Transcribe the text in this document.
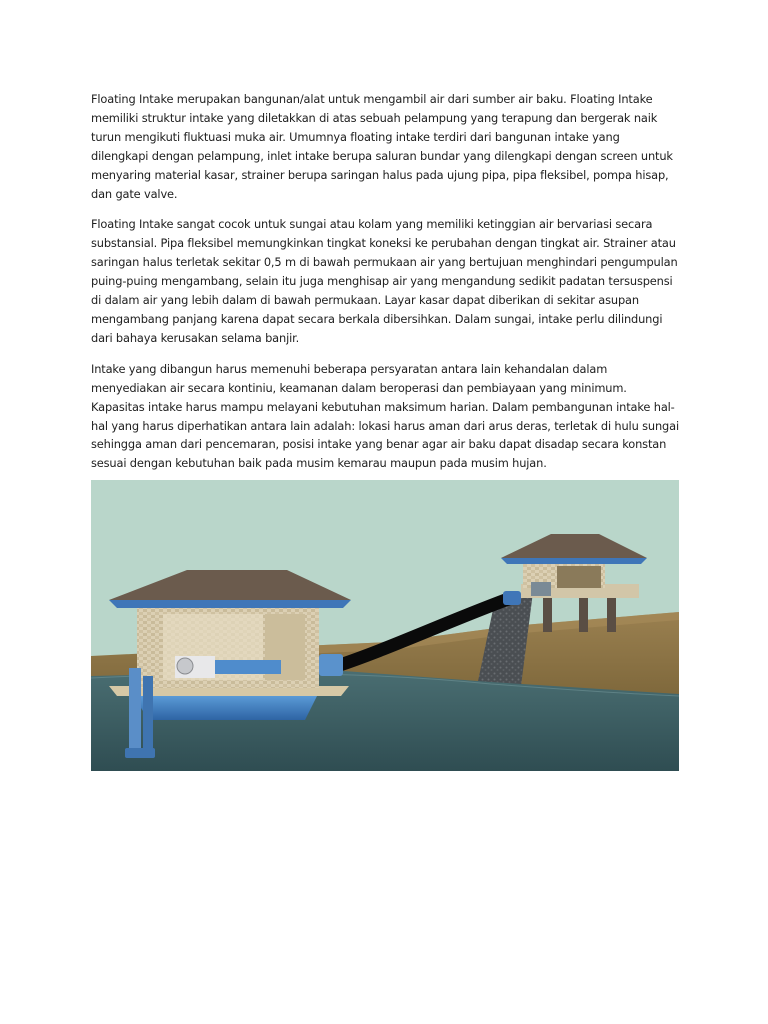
Floating Intake merupakan bangunan/alat untuk mengambil air dari sumber air baku. Floating Intake memiliki struktur intake yang diletakkan di atas sebuah pelampung yang terapung dan bergerak naik turun mengikuti fluktuasi muka air. Umumnya floating intake terdiri dari bangunan intake yang dilengkapi dengan pelampung, inlet intake berupa saluran bundar yang dilengkapi dengan screen untuk menyaring material kasar, strainer berupa saringan halus pada ujung pipa, pipa fleksibel, pompa hisap, dan gate valve.

Floating Intake sangat cocok untuk sungai atau kolam yang memiliki ketinggian air bervariasi secara substansial. Pipa fleksibel memungkinkan tingkat koneksi ke perubahan dengan tingkat air. Strainer atau saringan halus terletak sekitar 0,5 m di bawah permukaan air yang bertujuan menghindari pengumpulan puing-puing mengambang, selain itu juga menghisap air yang mengandung sedikit padatan tersuspensi di dalam air yang lebih dalam di bawah permukaan. Layar kasar dapat diberikan di sekitar asupan mengambang panjang karena dapat secara berkala dibersihkan. Dalam sungai, intake perlu dilindungi dari bahaya kerusakan selama banjir.

Intake yang dibangun harus memenuhi beberapa persyaratan antara lain kehandalan dalam menyediakan air secara kontiniu, keamanan dalam beroperasi dan pembiayaan yang minimum. Kapasitas intake harus mampu melayani kebutuhan maksimum harian. Dalam pembangunan intake hal-hal yang harus diperhatikan antara lain adalah: lokasi harus aman dari arus deras, terletak di hulu sungai sehingga aman dari pencemaran, posisi intake yang benar agar air baku dapat disadap secara konstan sesuai dengan kebutuhan baik pada musim kemarau maupun pada musim hujan.
